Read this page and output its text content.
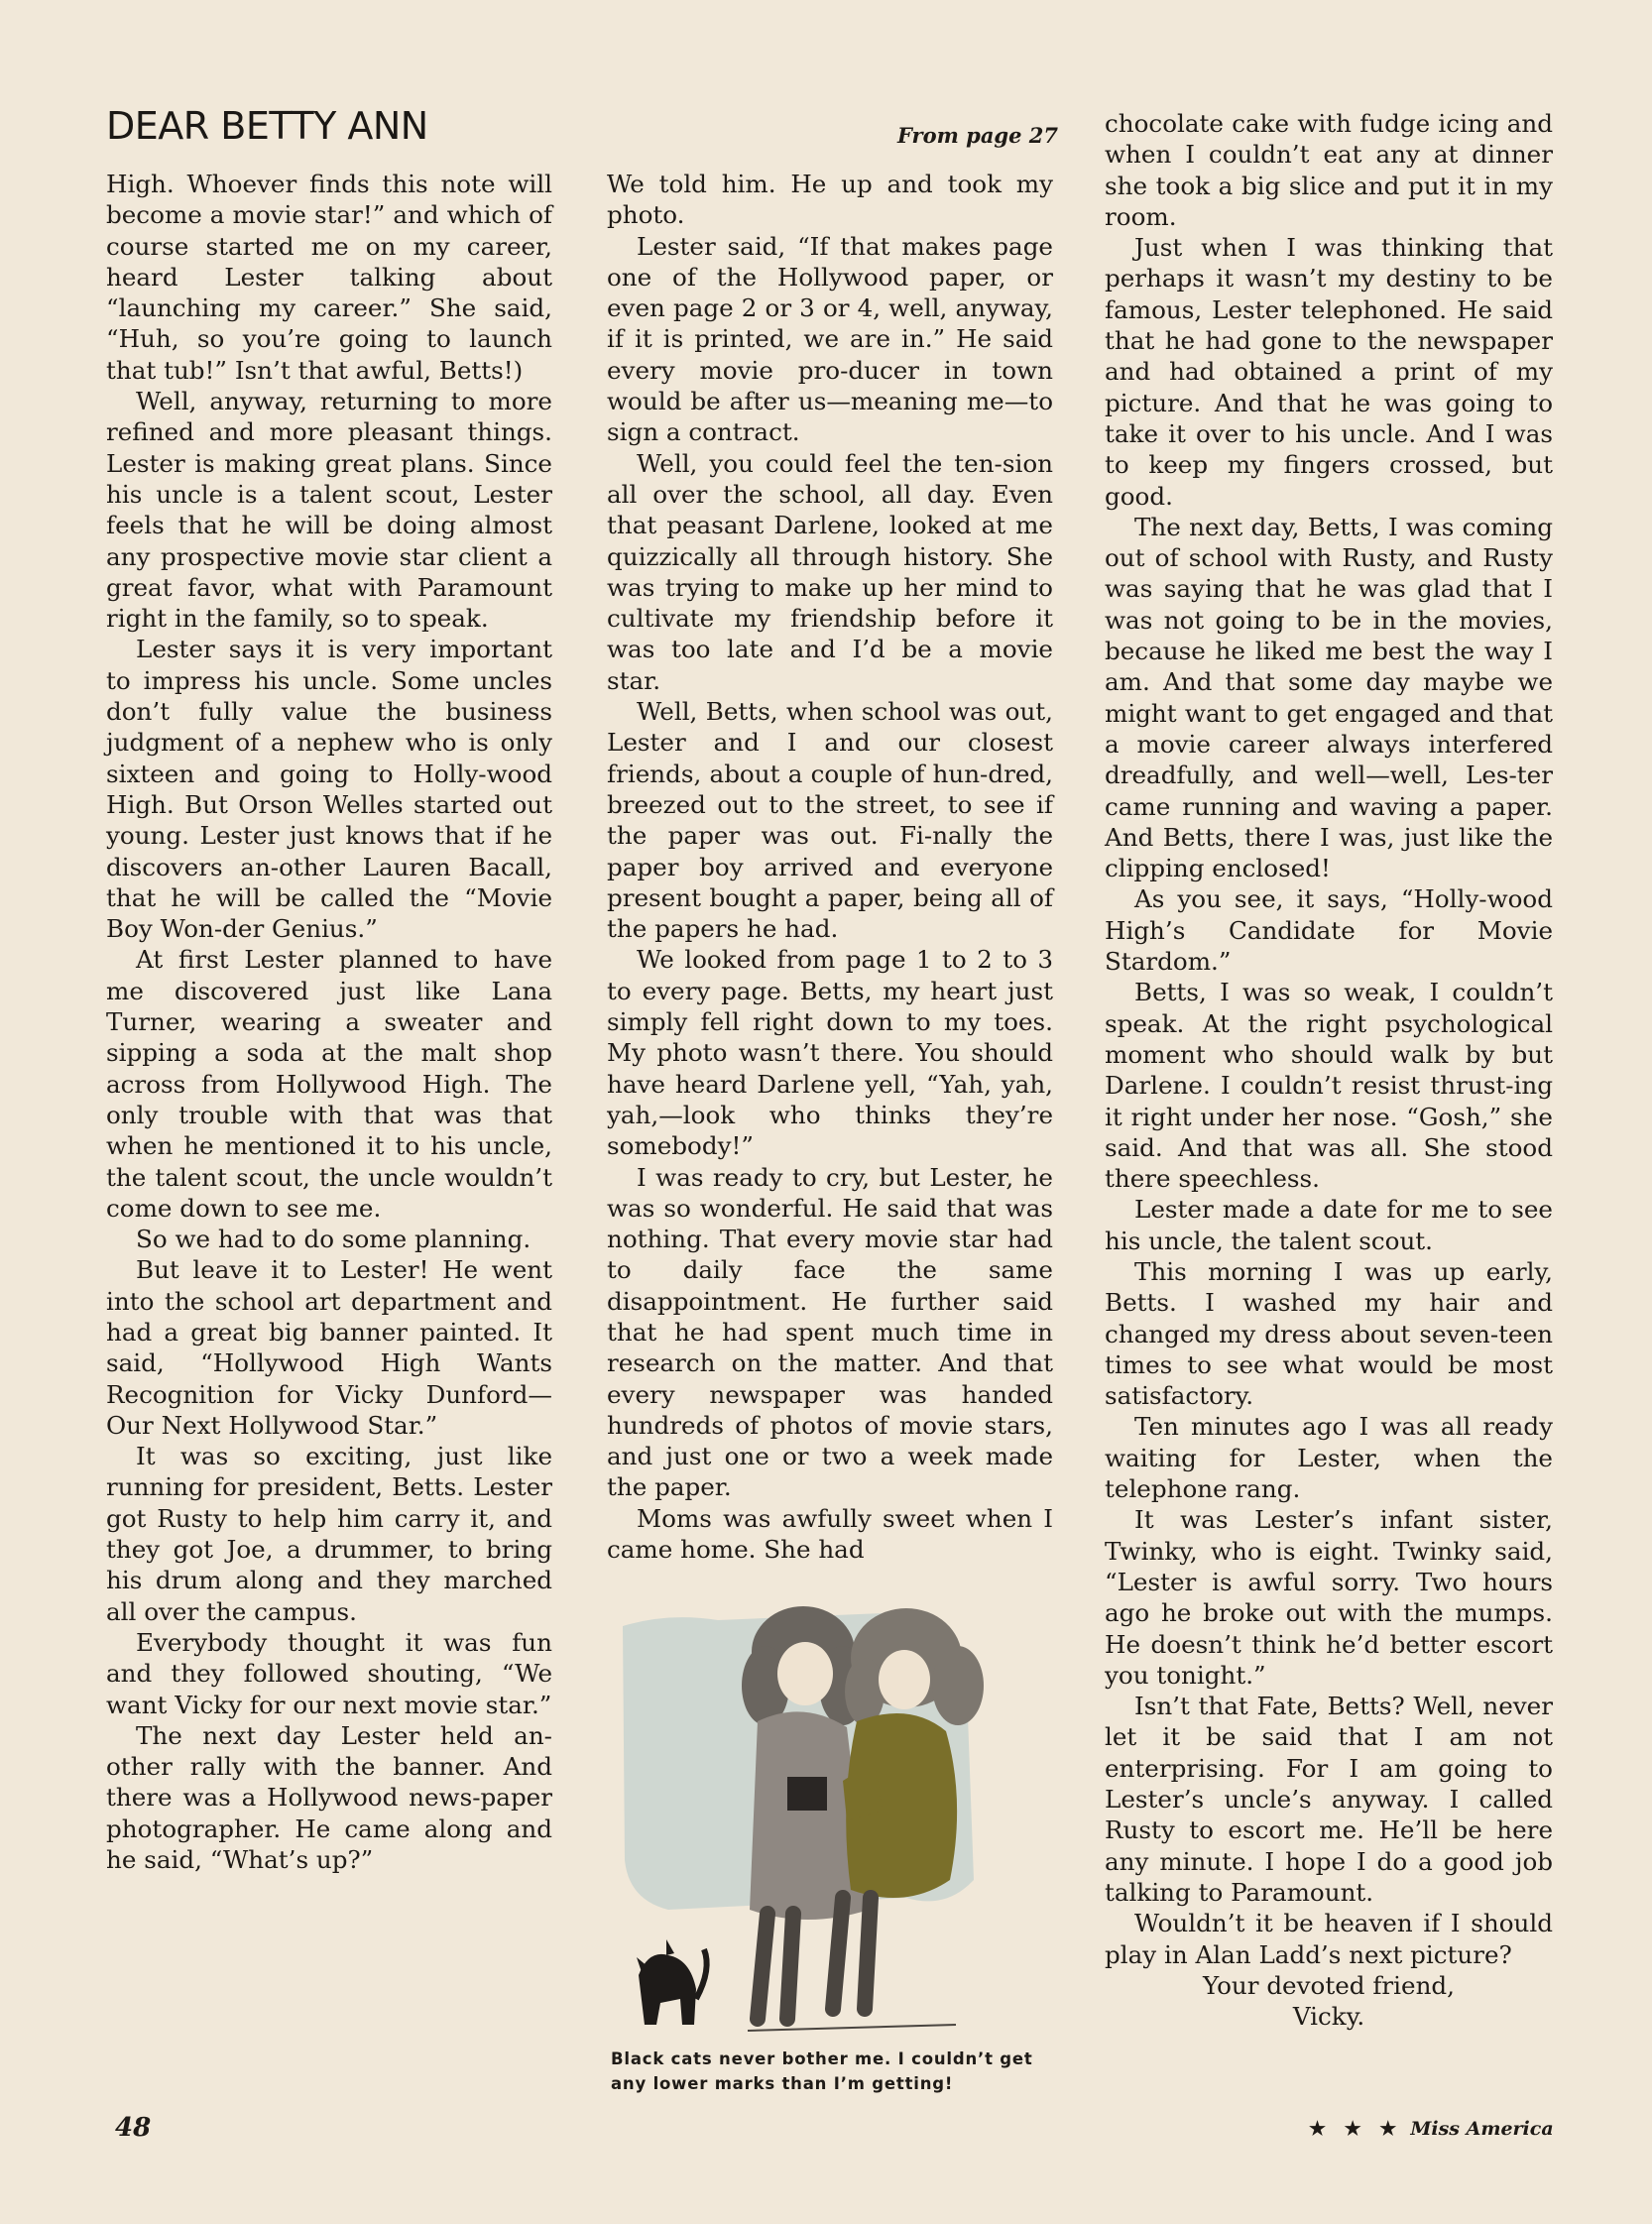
DEAR BETTY ANN	From page 27

High. Whoever finds this note will become a movie star!” and which of course started me on my career, heard Lester talking about “launching my career.” She said, “Huh, so you’re going to launch that tub!” Isn’t that awful, Betts!)

Well, anyway, returning to more refined and more pleasant things. Lester is making great plans. Since his uncle is a talent scout, Lester feels that he will be doing almost any prospective movie star client a great favor, what with Paramount right in the family, so to speak.

Lester says it is very important to impress his uncle. Some uncles don’t fully value the business judgment of a nephew who is only sixteen and going to Holly-wood High. But Orson Welles started out young. Lester just knows that if he discovers an-other Lauren Bacall, that he will be called the “Movie Boy Won-der Genius.”

At first Lester planned to have me discovered just like Lana Turner, wearing a sweater and sipping a soda at the malt shop across from Hollywood High. The only trouble with that was that when he mentioned it to his uncle, the talent scout, the uncle wouldn’t come down to see me.

So we had to do some planning.

But leave it to Lester! He went into the school art department and had a great big banner painted. It said, “Hollywood High Wants Recognition for Vicky Dunford—Our Next Hollywood Star.”

It was so exciting, just like running for president, Betts. Lester got Rusty to help him carry it, and they got Joe, a drummer, to bring his drum along and they marched all over the campus.

Everybody thought it was fun and they followed shouting, “We want Vicky for our next movie star.”

The next day Lester held an-other rally with the banner. And there was a Hollywood news-paper photographer. He came along and he said, “What’s up?”

We told him. He up and took my photo.

Lester said, “If that makes page one of the Hollywood paper, or even page 2 or 3 or 4, well, anyway, if it is printed, we are in.” He said every movie pro-ducer in town would be after us—meaning me—to sign a contract.

Well, you could feel the ten-sion all over the school, all day. Even that peasant Darlene, looked at me quizzically all through history. She was trying to make up her mind to cultivate my friendship before it was too late and I’d be a movie star.

Well, Betts, when school was out, Lester and I and our closest friends, about a couple of hun-dred, breezed out to the street, to see if the paper was out. Fi-nally the paper boy arrived and everyone present bought a paper, being all of the papers he had.

We looked from page 1 to 2 to 3 to every page. Betts, my heart just simply fell right down to my toes. My photo wasn’t there. You should have heard Darlene yell, “Yah, yah, yah,—look who thinks they’re somebody!”

I was ready to cry, but Lester, he was so wonderful. He said that was nothing. That every movie star had to daily face the same disappointment. He further said that he had spent much time in research on the matter. And that every newspaper was handed hundreds of photos of movie stars, and just one or two a week made the paper.

Moms was awfully sweet when I came home. She had

Black cats never bother me. I couldn’t get any lower marks than I’m getting!

chocolate cake with fudge icing and when I couldn’t eat any at dinner she took a big slice and put it in my room.

Just when I was thinking that perhaps it wasn’t my destiny to be famous, Lester telephoned. He said that he had gone to the newspaper and had obtained a print of my picture. And that he was going to take it over to his uncle. And I was to keep my fingers crossed, but good.

The next day, Betts, I was coming out of school with Rusty, and Rusty was saying that he was glad that I was not going to be in the movies, because he liked me best the way I am. And that some day maybe we might want to get engaged and that a movie career always interfered dreadfully, and well—well, Les-ter came running and waving a paper. And Betts, there I was, just like the clipping enclosed!

As you see, it says, “Holly-wood High’s Candidate for Movie Stardom.”

Betts, I was so weak, I couldn’t speak. At the right psychological moment who should walk by but Darlene. I couldn’t resist thrust-ing it right under her nose. “Gosh,” she said. And that was all. She stood there speechless.

Lester made a date for me to see his uncle, the talent scout.

This morning I was up early, Betts. I washed my hair and changed my dress about seven-teen times to see what would be most satisfactory.

Ten minutes ago I was all ready waiting for Lester, when the telephone rang.

It was Lester’s infant sister, Twinky, who is eight. Twinky said, “Lester is awful sorry. Two hours ago he broke out with the mumps. He doesn’t think he’d better escort you tonight.”

Isn’t that Fate, Betts? Well, never let it be said that I am not enterprising. For I am going to Lester’s uncle’s anyway. I called Rusty to escort me. He’ll be here any minute. I hope I do a good job talking to Paramount.

Wouldn’t it be heaven if I should play in Alan Ladd’s next picture?

Your devoted friend,

Vicky.

48	★ ★ ★ Miss America
